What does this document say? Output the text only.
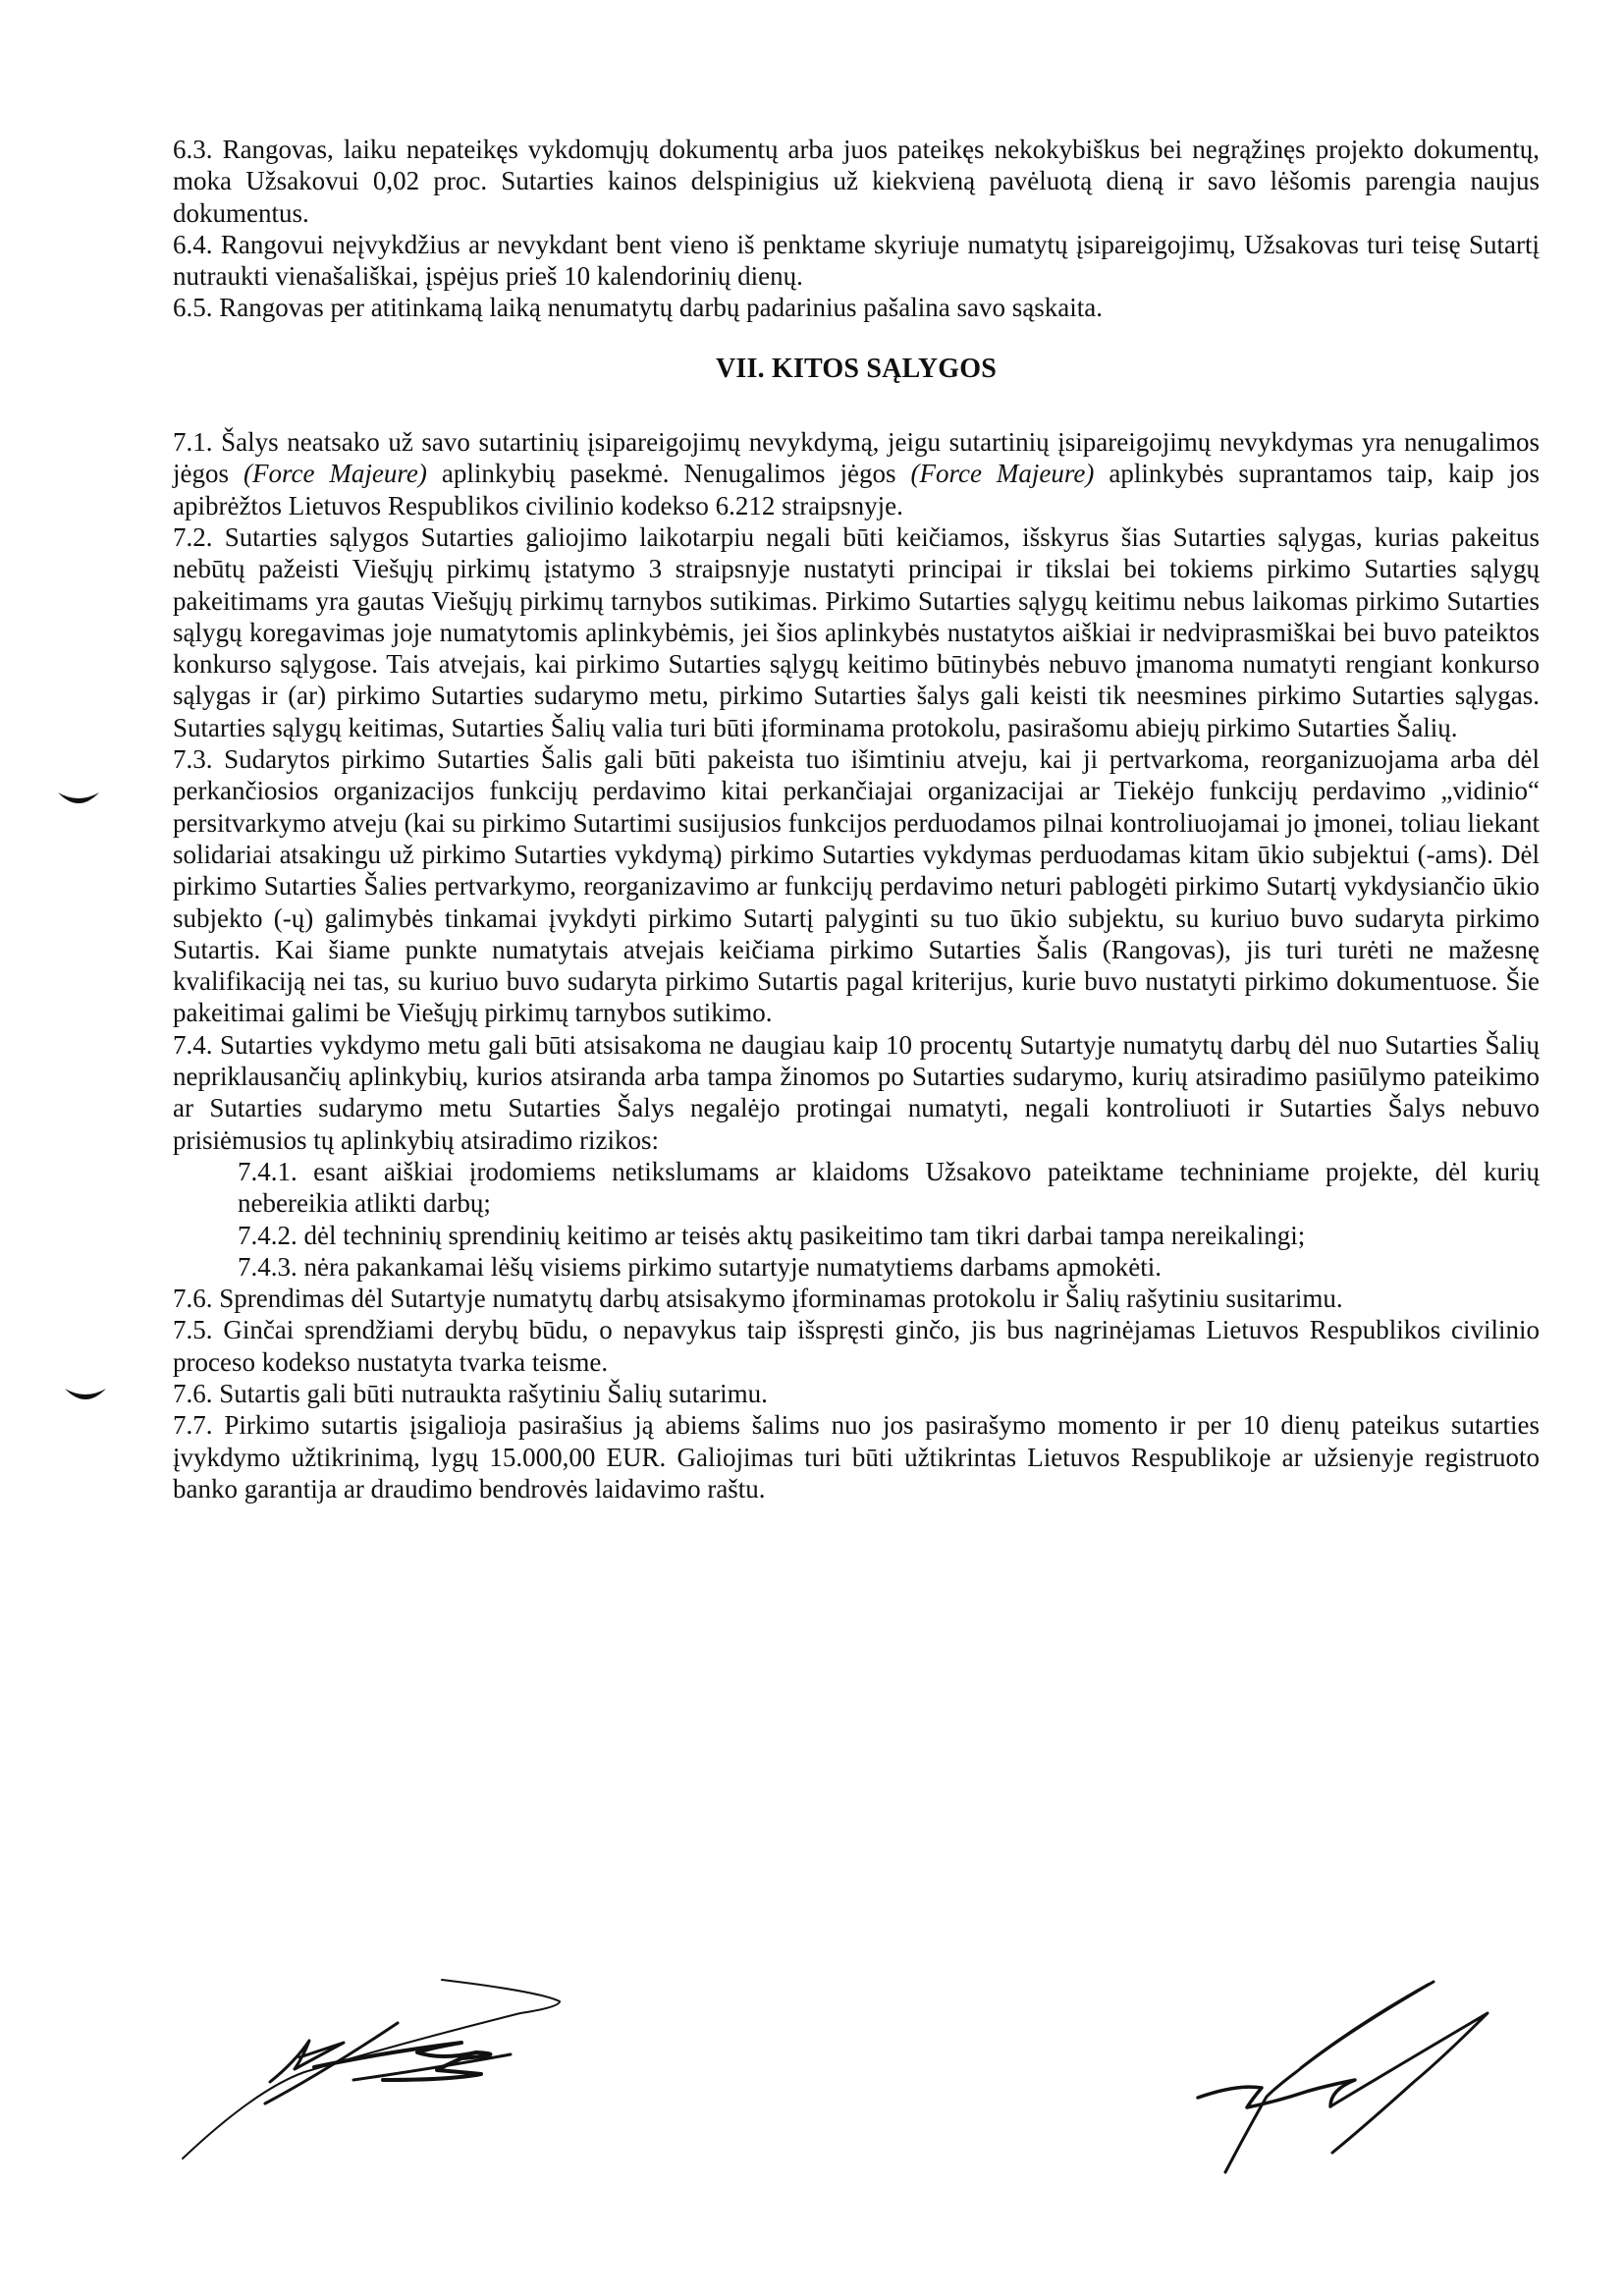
6.3. Rangovas, laiku nepateikęs vykdomųjų dokumentų arba juos pateikęs nekokybiškus bei negrąžinęs projekto dokumentų, moka Užsakovui 0,02 proc. Sutarties kainos delspinigius už kiekvieną pavėluotą dieną ir savo lėšomis parengia naujus dokumentus.

6.4. Rangovui neįvykdžius ar nevykdant bent vieno iš penktame skyriuje numatytų įsipareigojimų, Užsakovas turi teisę Sutartį nutraukti vienašališkai, įspėjus prieš 10 kalendorinių dienų.

6.5. Rangovas per atitinkamą laiką nenumatytų darbų padarinius pašalina savo sąskaita.

VII. KITOS SĄLYGOS

7.1. Šalys neatsako už savo sutartinių įsipareigojimų nevykdymą, jeigu sutartinių įsipareigojimų nevykdymas yra nenugalimos jėgos (Force Majeure) aplinkybių pasekmė. Nenugalimos jėgos (Force Majeure) aplinkybės suprantamos taip, kaip jos apibrėžtos Lietuvos Respublikos civilinio kodekso 6.212 straipsnyje.

7.2. Sutarties sąlygos Sutarties galiojimo laikotarpiu negali būti keičiamos, išskyrus šias Sutarties sąlygas, kurias pakeitus nebūtų pažeisti Viešųjų pirkimų įstatymo 3 straipsnyje nustatyti principai ir tikslai bei tokiems pirkimo Sutarties sąlygų pakeitimams yra gautas Viešųjų pirkimų tarnybos sutikimas. Pirkimo Sutarties sąlygų keitimu nebus laikomas pirkimo Sutarties sąlygų koregavimas joje numatytomis aplinkybėmis, jei šios aplinkybės nustatytos aiškiai ir nedviprasmiškai bei buvo pateiktos konkurso sąlygose. Tais atvejais, kai pirkimo Sutarties sąlygų keitimo būtinybės nebuvo įmanoma numatyti rengiant konkurso sąlygas ir (ar) pirkimo Sutarties sudarymo metu, pirkimo Sutarties šalys gali keisti tik neesmines pirkimo Sutarties sąlygas. Sutarties sąlygų keitimas, Sutarties Šalių valia turi būti įforminama protokolu, pasirašomu abiejų pirkimo Sutarties Šalių.

7.3. Sudarytos pirkimo Sutarties Šalis gali būti pakeista tuo išimtiniu atveju, kai ji pertvarkoma, reorganizuojama arba dėl perkančiosios organizacijos funkcijų perdavimo kitai perkančiajai organizacijai ar Tiekėjo funkcijų perdavimo „vidinio“ persitvarkymo atveju (kai su pirkimo Sutartimi susijusios funkcijos perduodamos pilnai kontroliuojamai jo įmonei, toliau liekant solidariai atsakingu už pirkimo Sutarties vykdymą) pirkimo Sutarties vykdymas perduodamas kitam ūkio subjektui (-ams). Dėl pirkimo Sutarties Šalies pertvarkymo, reorganizavimo ar funkcijų perdavimo neturi pablogėti pirkimo Sutartį vykdysiančio ūkio subjekto (-ų) galimybės tinkamai įvykdyti pirkimo Sutartį palyginti su tuo ūkio subjektu, su kuriuo buvo sudaryta pirkimo Sutartis. Kai šiame punkte numatytais atvejais keičiama pirkimo Sutarties Šalis (Rangovas), jis turi turėti ne mažesnę kvalifikaciją nei tas, su kuriuo buvo sudaryta pirkimo Sutartis pagal kriterijus, kurie buvo nustatyti pirkimo dokumentuose. Šie pakeitimai galimi be Viešųjų pirkimų tarnybos sutikimo.

7.4. Sutarties vykdymo metu gali būti atsisakoma ne daugiau kaip 10 procentų Sutartyje numatytų darbų dėl nuo Sutarties Šalių nepriklausančių aplinkybių, kurios atsiranda arba tampa žinomos po Sutarties sudarymo, kurių atsiradimo pasiūlymo pateikimo ar Sutarties sudarymo metu Sutarties Šalys negalėjo protingai numatyti, negali kontroliuoti ir Sutarties Šalys nebuvo prisiėmusios tų aplinkybių atsiradimo rizikos:

7.4.1. esant aiškiai įrodomiems netikslumams ar klaidoms Užsakovo pateiktame techniniame projekte, dėl kurių nebereikia atlikti darbų;

7.4.2. dėl techninių sprendinių keitimo ar teisės aktų pasikeitimo tam tikri darbai tampa nereikalingi;

7.4.3. nėra pakankamai lėšų visiems pirkimo sutartyje numatytiems darbams apmokėti.

7.6. Sprendimas dėl Sutartyje numatytų darbų atsisakymo įforminamas protokolu ir Šalių rašytiniu susitarimu.

7.5. Ginčai sprendžiami derybų būdu, o nepavykus taip išspręsti ginčo, jis bus nagrinėjamas Lietuvos Respublikos civilinio proceso kodekso nustatyta tvarka teisme.

7.6. Sutartis gali būti nutraukta rašytiniu Šalių sutarimu.

7.7. Pirkimo sutartis įsigalioja pasirašius ją abiems šalims nuo jos pasirašymo momento ir per 10 dienų pateikus sutarties įvykdymo užtikrinimą, lygų 15.000,00 EUR. Galiojimas turi būti užtikrintas Lietuvos Respublikoje ar užsienyje registruoto banko garantija ar draudimo bendrovės laidavimo raštu.
